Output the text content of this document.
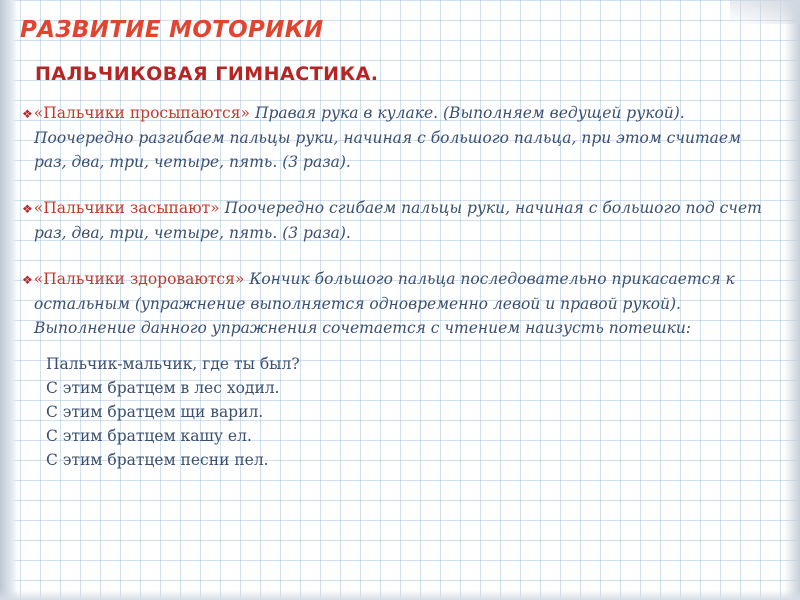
РАЗВИТИЕ МОТОРИКИ
ПАЛЬЧИКОВАЯ ГИМНАСТИКА.
❖«Пальчики просыпаются» Правая рука в кулаке. (Выполняем ведущей рукой). Поочередно разгибаем пальцы руки, начиная с большого пальца, при этом считаем раз, два, три, четыре, пять. (3 раза).
❖«Пальчики засыпают» Поочередно сгибаем пальцы руки, начиная с большого под счет раз, два, три, четыре, пять. (3 раза).
❖«Пальчики здороваются» Кончик большого пальца последовательно прикасается к остальным (упражнение выполняется одновременно левой и правой рукой). Выполнение данного упражнения сочетается с чтением наизусть потешки:
Пальчик-мальчик, где ты был?
С этим братцем в лес ходил.
С этим братцем щи варил.
С этим братцем кашу ел.
С этим братцем песни пел.
